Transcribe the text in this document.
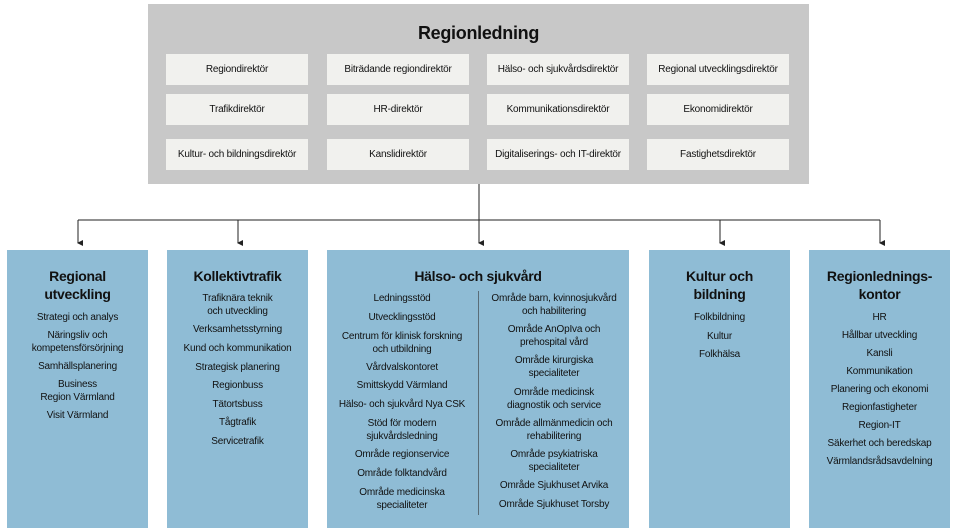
Regionledning
Regiondirektör	Biträdande regiondirektör	Hälso- och sjukvårdsdirektör	Regional utvecklingsdirektör
Trafikdirektör	HR-direktör	Kommunikationsdirektör	Ekonomidirektör
Kultur- och bildningsdirektör	Kanslidirektör	Digitaliserings- och IT-direktör	Fastighetsdirektör
Regional
utveckling
Strategi och analys
Näringsliv och
kompetensförsörjning
Samhällsplanering
Business
Region Värmland
Visit Värmland
Kollektivtrafik
Trafiknära teknik
och utveckling
Verksamhetsstyrning
Kund och kommunikation
Strategisk planering
Regionbuss
Tätortsbuss
Tågtrafik
Servicetrafik
Hälso- och sjukvård
Ledningsstöd
Utvecklingsstöd
Centrum för klinisk forskning
och utbildning
Vårdvalskontoret
Smittskydd Värmland
Hälso- och sjukvård Nya CSK
Stöd för modern
sjukvårdsledning
Område regionservice
Område folktandvård
Område medicinska
specialiteter
Område barn, kvinnosjukvård
och habilitering
Område AnOpIva och
prehospital vård
Område kirurgiska
specialiteter
Område medicinsk
diagnostik och service
Område allmänmedicin och
rehabilitering
Område psykiatriska
specialiteter
Område Sjukhuset Arvika
Område Sjukhuset Torsby
Kultur och
bildning
Folkbildning
Kultur
Folkhälsa
Regionlednings-
kontor
HR
Hållbar utveckling
Kansli
Kommunikation
Planering och ekonomi
Regionfastigheter
Region-IT
Säkerhet och beredskap
Värmlandsrådsavdelning
